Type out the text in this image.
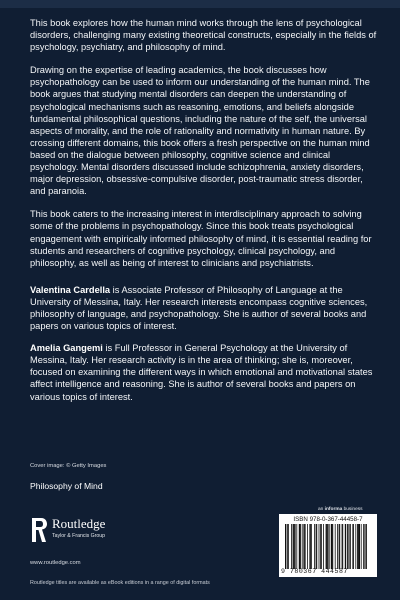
This book explores how the human mind works through the lens of psychological disorders, challenging many existing theoretical constructs, especially in the fields of psychology, psychiatry, and philosophy of mind.

Drawing on the expertise of leading academics, the book discusses how psychopathology can be used to inform our understanding of the human mind. The book argues that studying mental disorders can deepen the understanding of psychological mechanisms such as reasoning, emotions, and beliefs alongside fundamental philosophical questions, including the nature of the self, the universal aspects of morality, and the role of rationality and normativity in human nature. By crossing different domains, this book offers a fresh perspective on the human mind based on the dialogue between philosophy, cognitive science and clinical psychology. Mental disorders discussed include schizophrenia, anxiety disorders, major depression, obsessive-compulsive disorder, post-traumatic stress disorder, and paranoia.

This book caters to the increasing interest in interdisciplinary approach to solving some of the problems in psychopathology. Since this book treats psychological engagement with empirically informed philosophy of mind, it is essential reading for students and researchers of cognitive psychology, clinical psychology, and philosophy, as well as being of interest to clinicians and psychiatrists.

Valentina Cardella is Associate Professor of Philosophy of Language at the University of Messina, Italy. Her research interests encompass cognitive sciences, philosophy of language, and psychopathology. She is author of several books and papers on various topics of interest.

Amelia Gangemi is Full Professor in General Psychology at the University of Messina, Italy. Her research activity is in the area of thinking; she is, moreover, focused on examining the different ways in which emotional and motivational states affect intelligence and reasoning. She is author of several books and papers on various topics of interest.

Cover image: © Getty Images
Philosophy of Mind
Routledge
Taylor & Francis Group
www.routledge.com
Routledge titles are available as eBook editions in a range of digital formats
an informa business
ISBN 978-0-367-44458-7
9 780367 444587
